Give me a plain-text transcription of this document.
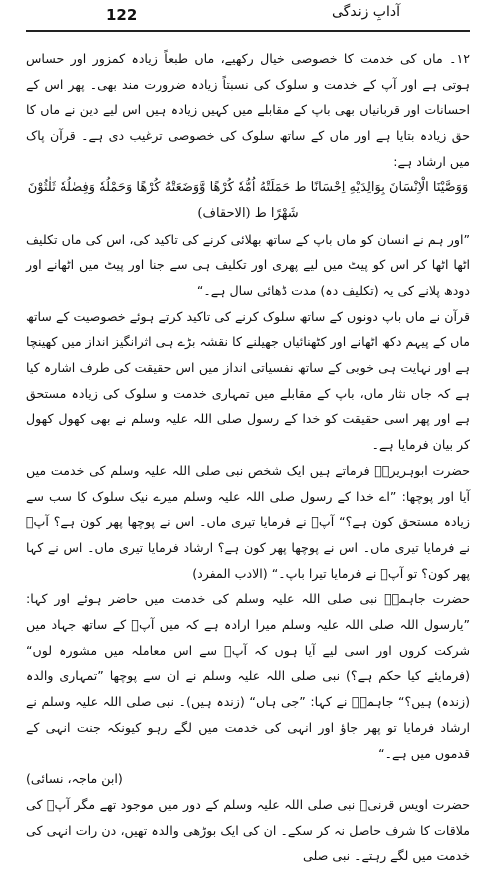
122	آدابِ زندگی

۱۲۔ ماں کی خدمت کا خصوصی خیال رکھیے، ماں طبعاً زیادہ کمزور اور حساس ہوتی ہے اور آپ کے خدمت و سلوک کی نسبتاً زیادہ ضرورت مند بھی۔ پھر اس کے احسانات اور قربانیاں بھی باپ کے مقابلے میں کہیں زیادہ ہیں اس لیے دین نے ماں کا حق زیادہ بتایا ہے اور ماں کے ساتھ سلوک کی خصوصی ترغیب دی ہے۔ قرآن پاک میں ارشاد ہے:

وَوَصَّيْنَا الْاِنْسَانَ بِوَالِدَيْهِ اِحْسَانًا ط حَمَلَتْهُ اُمُّهٗ كُرْهًا وَّوَضَعَتْهُ كُرْهًا وَحَمْلُهٗ وَفِصٰلُهٗ ثَلٰثُوْنَ شَهْرًا ط (الاحقاف)

”اور ہم نے انسان کو ماں باپ کے ساتھ بھلائی کرنے کی تاکید کی، اس کی ماں تکلیف اٹھا اٹھا کر اس کو پیٹ میں لیے پھری اور تکلیف ہی سے جنا اور پیٹ میں اٹھانے اور دودھ پلانے کی یہ (تکلیف دہ) مدت ڈھائی سال ہے۔“

قرآن نے ماں باپ دونوں کے ساتھ سلوک کرنے کی تاکید کرتے ہوئے خصوصیت کے ساتھ ماں کے پیہم دکھ اٹھانے اور کٹھنائیاں جھیلنے کا نقشہ بڑے ہی اثرانگیز انداز میں کھینچا ہے اور نہایت ہی خوبی کے ساتھ نفسیاتی انداز میں اس حقیقت کی طرف اشارہ کیا ہے کہ جاں نثار ماں، باپ کے مقابلے میں تمہاری خدمت و سلوک کی زیادہ مستحق ہے اور پھر اسی حقیقت کو خدا کے رسول صلی اللہ علیہ وسلم نے بھی کھول کھول کر بیان فرمایا ہے۔

حضرت ابوہریرہؓ فرماتے ہیں ایک شخص نبی صلی اللہ علیہ وسلم کی خدمت میں آیا اور پوچھا: ”اے خدا کے رسول صلی اللہ علیہ وسلم میرے نیک سلوک کا سب سے زیادہ مستحق کون ہے؟“ آپؐ نے فرمایا تیری ماں۔ اس نے پوچھا پھر کون ہے؟ آپؐ نے فرمایا تیری ماں۔ اس نے پوچھا پھر کون ہے؟ ارشاد فرمایا تیری ماں۔ اس نے کہا پھر کون؟ تو آپؐ نے فرمایا تیرا باپ۔“ (الادب المفرد)

حضرت جاہمہؓ نبی صلی اللہ علیہ وسلم کی خدمت میں حاضر ہوئے اور کہا: ”یارسول اللہ صلی اللہ علیہ وسلم میرا ارادہ ہے کہ میں آپؐ کے ساتھ جہاد میں شرکت کروں اور اسی لیے آیا ہوں کہ آپؐ سے اس معاملہ میں مشورہ لوں“ (فرمایئے کیا حکم ہے؟) نبی صلی اللہ علیہ وسلم نے ان سے پوچھا ”تمہاری والدہ (زندہ) ہیں؟“ جاہمہؓ نے کہا: ”جی ہاں“ (زندہ ہیں)۔ نبی صلی اللہ علیہ وسلم نے ارشاد فرمایا تو پھر جاؤ اور انہی کی خدمت میں لگے رہو کیونکہ جنت انہی کے قدموں میں ہے۔“

(ابن ماجہ، نسائی)

حضرت اویس قرنیؒ نبی صلی اللہ علیہ وسلم کے دور میں موجود تھے مگر آپؐ کی ملاقات کا شرف حاصل نہ کر سکے۔ ان کی ایک بوڑھی والدہ تھیں، دن رات انہی کی خدمت میں لگے رہتے۔ نبی صلی
